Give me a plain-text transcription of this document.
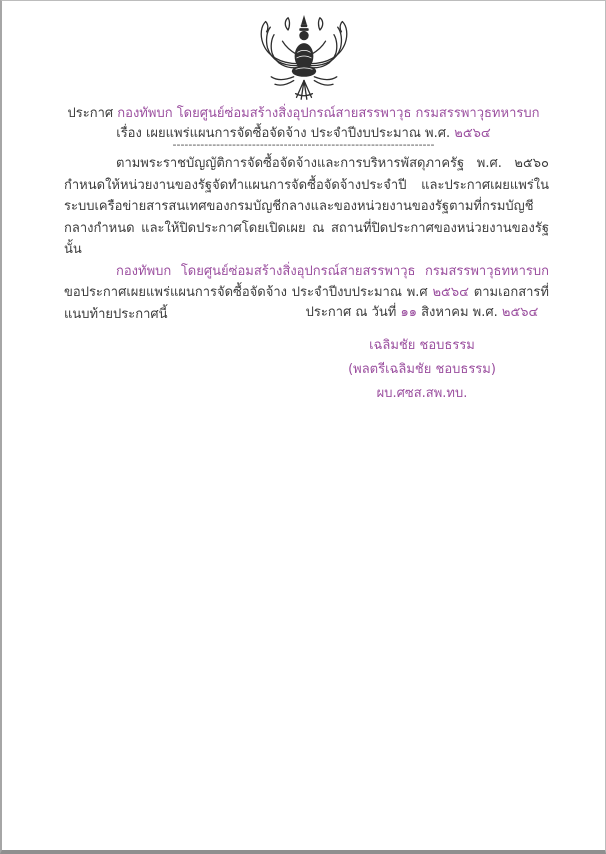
ประกาศ กองทัพบก โดยศูนย์ซ่อมสร้างสิ่งอุปกรณ์สายสรรพาวุธ กรมสรรพาวุธทหารบก
เรื่อง เผยแพร่แผนการจัดซื้อจัดจ้าง ประจำปีงบประมาณ พ.ศ. ๒๕๖๔
------------------------------------------------------------------

ตามพระราชบัญญัติการจัดซื้อจัดจ้างและการบริหารพัสดุภาครัฐ พ.ศ. ๒๕๖๐ กำหนดให้หน่วยงานของรัฐจัดทำแผนการจัดซื้อจัดจ้างประจำปี และประกาศเผยแพร่ในระบบเครือข่ายสารสนเทศของกรมบัญชีกลางและของหน่วยงานของรัฐตามที่กรมบัญชีกลางกำหนด และให้ปิดประกาศโดยเปิดเผย ณ สถานที่ปิดประกาศของหน่วยงานของรัฐ นั้น

กองทัพบก โดยศูนย์ซ่อมสร้างสิ่งอุปกรณ์สายสรรพาวุธ กรมสรรพาวุธทหารบก ขอประกาศเผยแพร่แผนการจัดซื้อจัดจ้าง ประจำปีงบประมาณ พ.ศ ๒๕๖๔ ตามเอกสารที่แนบท้ายประกาศนี้	ประกาศ ณ วันที่ ๑๑ สิงหาคม พ.ศ. ๒๕๖๔

เฉลิมชัย ชอบธรรม

(พลตรีเฉลิมชัย ชอบธรรม)

ผบ.ศซส.สพ.ทบ.
